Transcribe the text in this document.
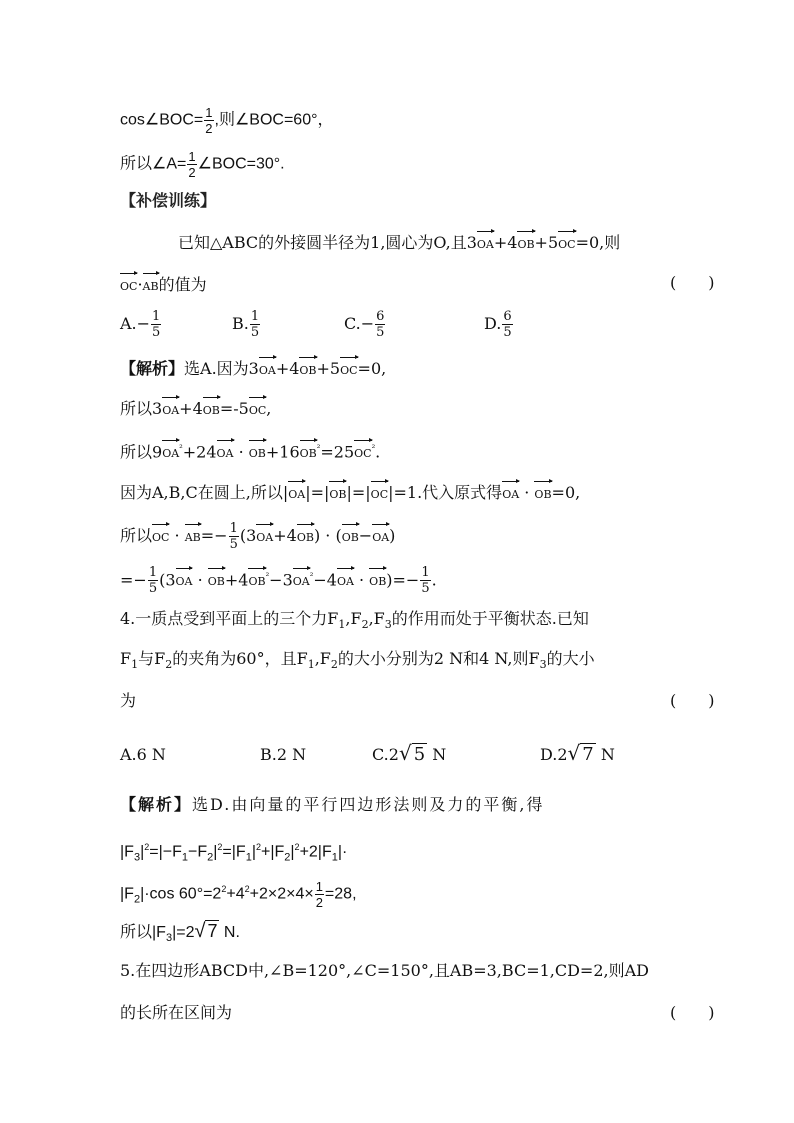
cos∠BOC= $\frac{1}{2}$ ,则∠BOC=60°，
所以∠A= $\frac{1}{2}$ ∠BOC=30°.
【补偿训练】
已知△ABC的外接圆半径为1,圆心为O,且3OA+4OB+5OC=0,则
OC·AB的值为	(　　)
$A.- \frac{1}{5}$	B. $\frac{1}{5}$	$C.- \frac{6}{5}$	D. $\frac{6}{5}$
【解析】选A.因为3OA+4OB+5OC=0,
所以3OA+4OB=-5OC,
所以$9OA^{^2}+24OA \cdot OB+16OB^{^2}=25OC^{^2}$.
因为A,B,C在圆上,所以|OA|=|OB|=|OC|=1.代入原式得OA · OB=0,
所以OC · $AB=- \frac{1}{5} (3OA+4OB) \cdot (OB-OA)$
=− $\frac{1}{5} (3OA \cdot OB+4OB^{^2}-3OA^{^2}-4OA \cdot OB)=- \frac{1}{5}$ .
4.一质点受到平面上的三个力$F_1,F_2,F_3$的作用而处于平衡状态.已知
$F_1$与$F_2$的夹角为60°，且$F_1,F_2$的大小分别为2 N和4 N,则$F_3$的大小
为	(　　)
A.6 N	B.2 N	C.2√ 5 N	D.2√ 7 N
【解析】选D.由向量的平行四边形法则及力的平衡,得
$|F_3|^2=|-F_1-F_2|^2=|F_1|^2+|F_2|^2+2|F_1|\cdot$
$|F_2|\cdot\cos$ $60^\circ=2^2+4^2+2\times 2\times 4\times \frac{1}{2} =28$,
所以$|F_3|=2√$ 7 N.
5.在四边形ABCD中,∠B=120°,∠C=150°,且AB=3,BC=1,CD=2,则AD
的长所在区间为	(　　)
